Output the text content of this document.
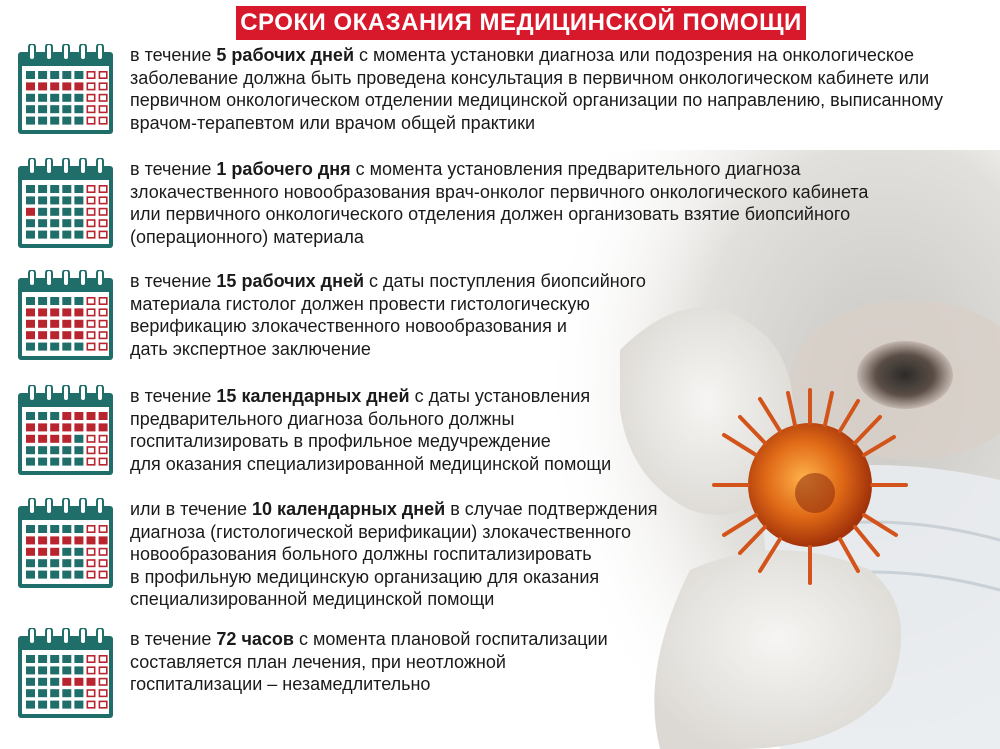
СРОКИ ОКАЗАНИЯ МЕДИЦИНСКОЙ ПОМОЩИ

в течение 5 рабочих дней с момента установки диагноза или подозрения на онкологическое

заболевание должна быть проведена консультация в первичном онкологическом кабинете или

первичном онкологическом отделении медицинской организации по направлению, выписанному

врачом-терапевтом или врачом общей практики

в течение 1 рабочего дня с момента установления предварительного диагноза

злокачественного новообразования врач-онколог первичного онкологического кабинета

или первичного онкологического отделения должен организовать взятие биопсийного

(операционного) материала

в течение 15 рабочих дней с даты поступления биопсийного

материала гистолог должен провести гистологическую

верификацию злокачественного новообразования и

дать экспертное заключение

в течение 15 календарных дней с даты установления

предварительного диагноза больного должны

госпитализировать в профильное медучреждение

для оказания специализированной медицинской помощи

или в течение 10 календарных дней в случае подтверждения

диагноза (гистологической верификации) злокачественного

новообразования больного должны госпитализировать

в профильную медицинскую организацию для оказания

специализированной медицинской помощи

в течение 72 часов с момента плановой госпитализации

составляется план лечения, при неотложной

госпитализации – незамедлительно
